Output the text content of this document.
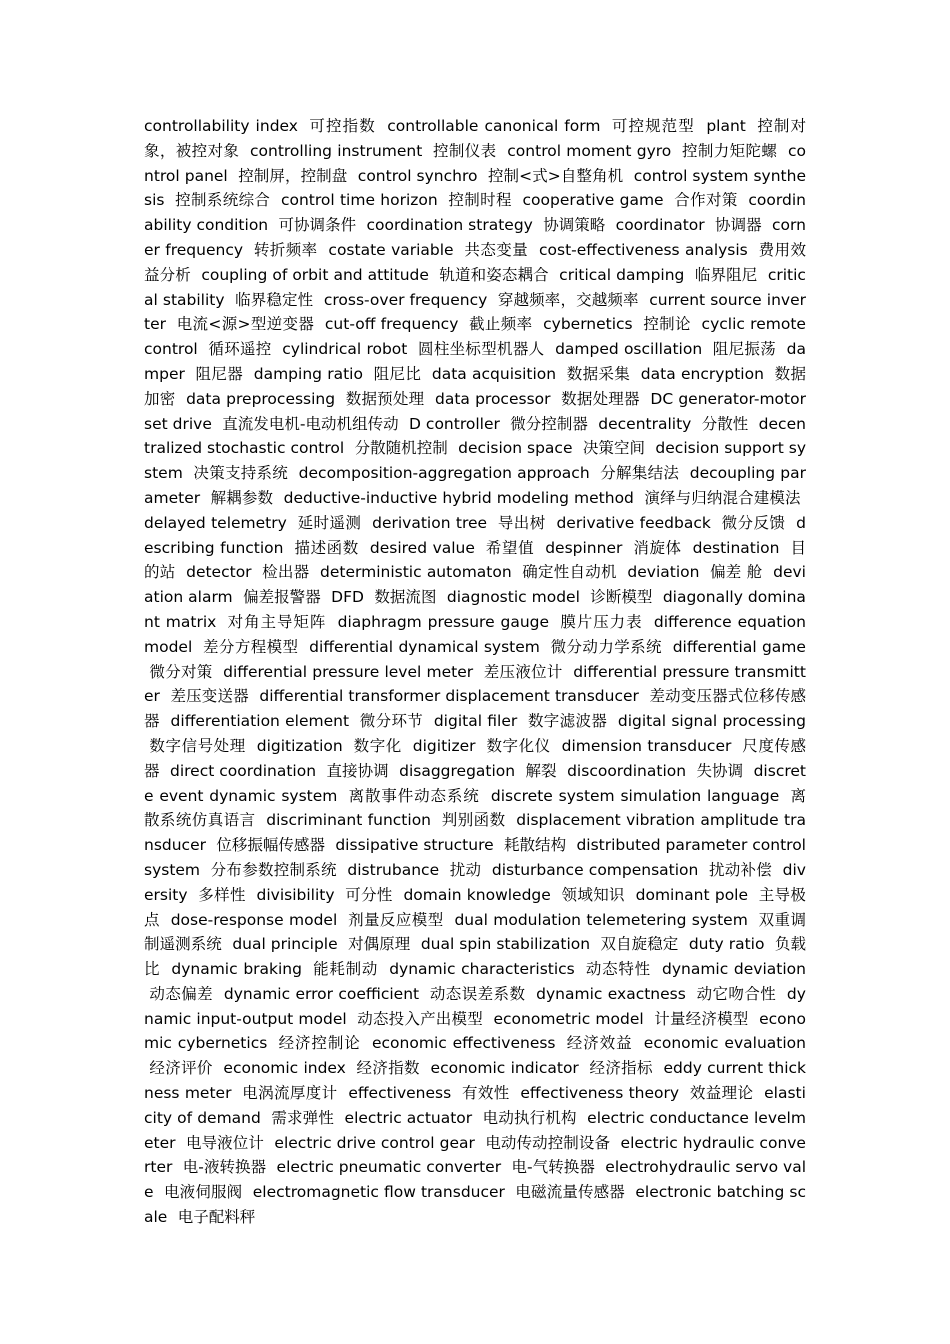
controllability index 可控指数 controllable canonical form 可控规范型 plant 控制对象，被控对象 controlling instrument 控制仪表 control moment gyro 控制力矩陀螺 control panel 控制屏，控制盘 control synchro 控制<式>自整角机 control system synthesis 控制系统综合 control time horizon 控制时程 cooperative game 合作对策 coordinability condition 可协调条件 coordination strategy 协调策略 coordinator 协调器 corner frequency 转折频率 costate variable 共态变量 cost-effectiveness analysis 费用效益分析 coupling of orbit and attitude 轨道和姿态耦合 critical damping 临界阻尼 critical stability 临界稳定性 cross-over frequency 穿越频率，交越频率 current source inverter 电流<源>型逆变器 cut-off frequency 截止频率 cybernetics 控制论 cyclic remote control 循环遥控 cylindrical robot 圆柱坐标型机器人 damped oscillation 阻尼振荡 damper 阻尼器 damping ratio 阻尼比 data acquisition 数据采集 data encryption 数据加密 data preprocessing 数据预处理 data processor 数据处理器 DC generator-motor set drive 直流发电机-电动机组传动 D controller 微分控制器 decentrality 分散性 decentralized stochastic control 分散随机控制 decision space 决策空间 decision support system 决策支持系统 decomposition-aggregation approach 分解集结法 decoupling parameter 解耦参数 deductive-inductive hybrid modeling method 演绎与归纳混合建模法 delayed telemetry 延时遥测 derivation tree 导出树 derivative feedback 微分反馈 describing function 描述函数 desired value 希望值 despinner 消旋体 destination 目的站 detector 检出器 deterministic automaton 确定性自动机 deviation 偏差 舱 deviation alarm 偏差报警器 DFD 数据流图 diagnostic model 诊断模型 diagonally dominant matrix 对角主导矩阵 diaphragm pressure gauge 膜片压力表 difference equation model 差分方程模型 differential dynamical system 微分动力学系统 differential game 微分对策 differential pressure level meter 差压液位计 differential pressure transmitter 差压变送器 differential transformer displacement transducer 差动变压器式位移传感器 differentiation element 微分环节 digital filer 数字滤波器 digital signal processing 数字信号处理 digitization 数字化 digitizer 数字化仪 dimension transducer 尺度传感器 direct coordination 直接协调 disaggregation 解裂 discoordination 失协调 discrete event dynamic system 离散事件动态系统 discrete system simulation language 离散系统仿真语言 discriminant function 判别函数 displacement vibration amplitude transducer 位移振幅传感器 dissipative structure 耗散结构 distributed parameter control system 分布参数控制系统 distrubance 扰动 disturbance compensation 扰动补偿 diversity 多样性 divisibility 可分性 domain knowledge 领域知识 dominant pole 主导极点 dose-response model 剂量反应模型 dual modulation telemetering system 双重调制遥测系统 dual principle 对偶原理 dual spin stabilization 双自旋稳定 duty ratio 负载比 dynamic braking 能耗制动 dynamic characteristics 动态特性 dynamic deviation 动态偏差 dynamic error coefficient 动态误差系数 dynamic exactness 动它吻合性 dynamic input-output model 动态投入产出模型 econometric model 计量经济模型 economic cybernetics 经济控制论 economic effectiveness 经济效益 economic evaluation 经济评价 economic index 经济指数 economic indicator 经济指标 eddy current thickness meter 电涡流厚度计 effectiveness 有效性 effectiveness theory 效益理论 elasticity of demand 需求弹性 electric actuator 电动执行机构 electric conductance levelmeter 电导液位计 electric drive control gear 电动传动控制设备 electric hydraulic converter 电-液转换器 electric pneumatic converter 电-气转换器 electrohydraulic servo vale 电液伺服阀 electromagnetic flow transducer 电磁流量传感器 electronic batching scale 电子配料秤
